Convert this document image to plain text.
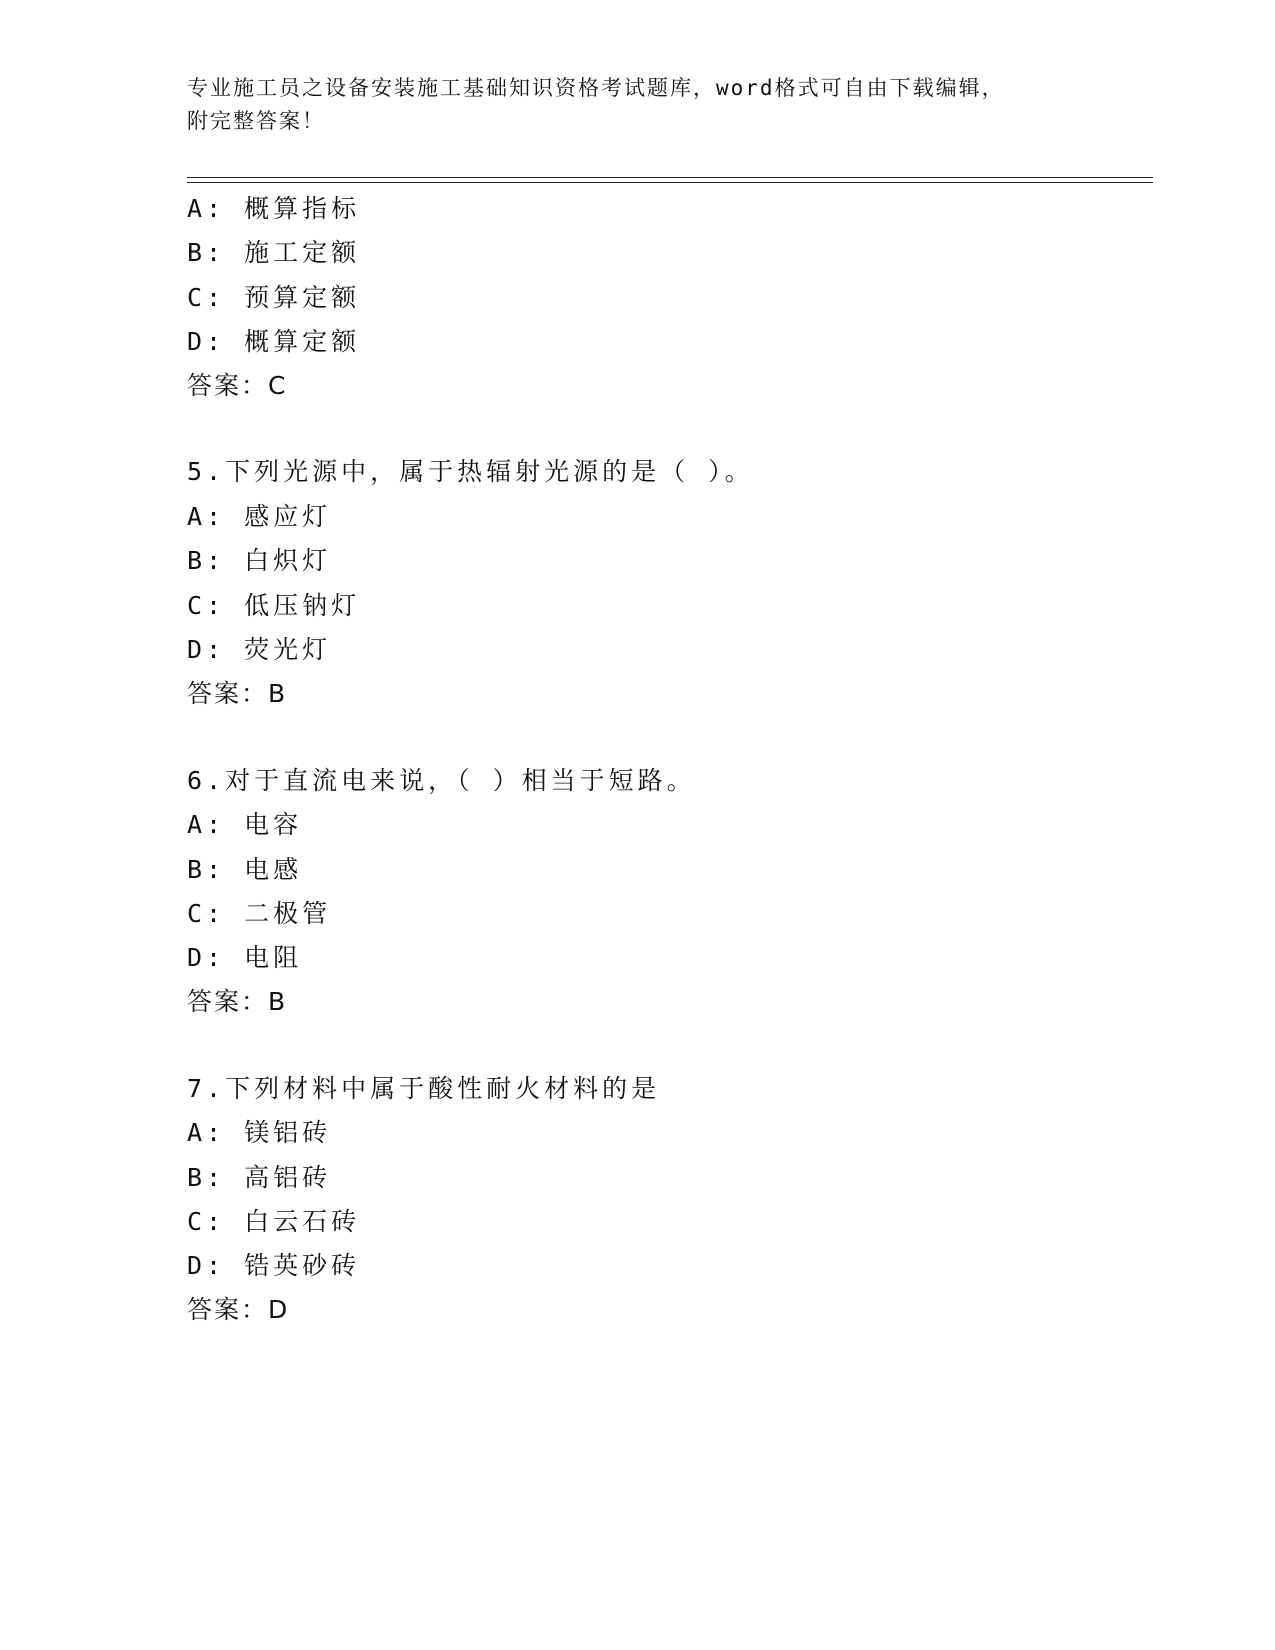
专业施工员之设备安装施工基础知识资格考试题库，word格式可自由下载编辑，
附完整答案！
A: 概算指标
B: 施工定额
C: 预算定额
D: 概算定额
答案：C
5.下列光源中，属于热辐射光源的是（ ）。
A: 感应灯
B: 白炽灯
C: 低压钠灯
D: 荧光灯
答案：B
6.对于直流电来说，（ ）相当于短路。
A: 电容
B: 电感
C: 二极管
D: 电阻
答案：B
7.下列材料中属于酸性耐火材料的是
A: 镁铝砖
B: 高铝砖
C: 白云石砖
D: 锆英砂砖
答案：D
